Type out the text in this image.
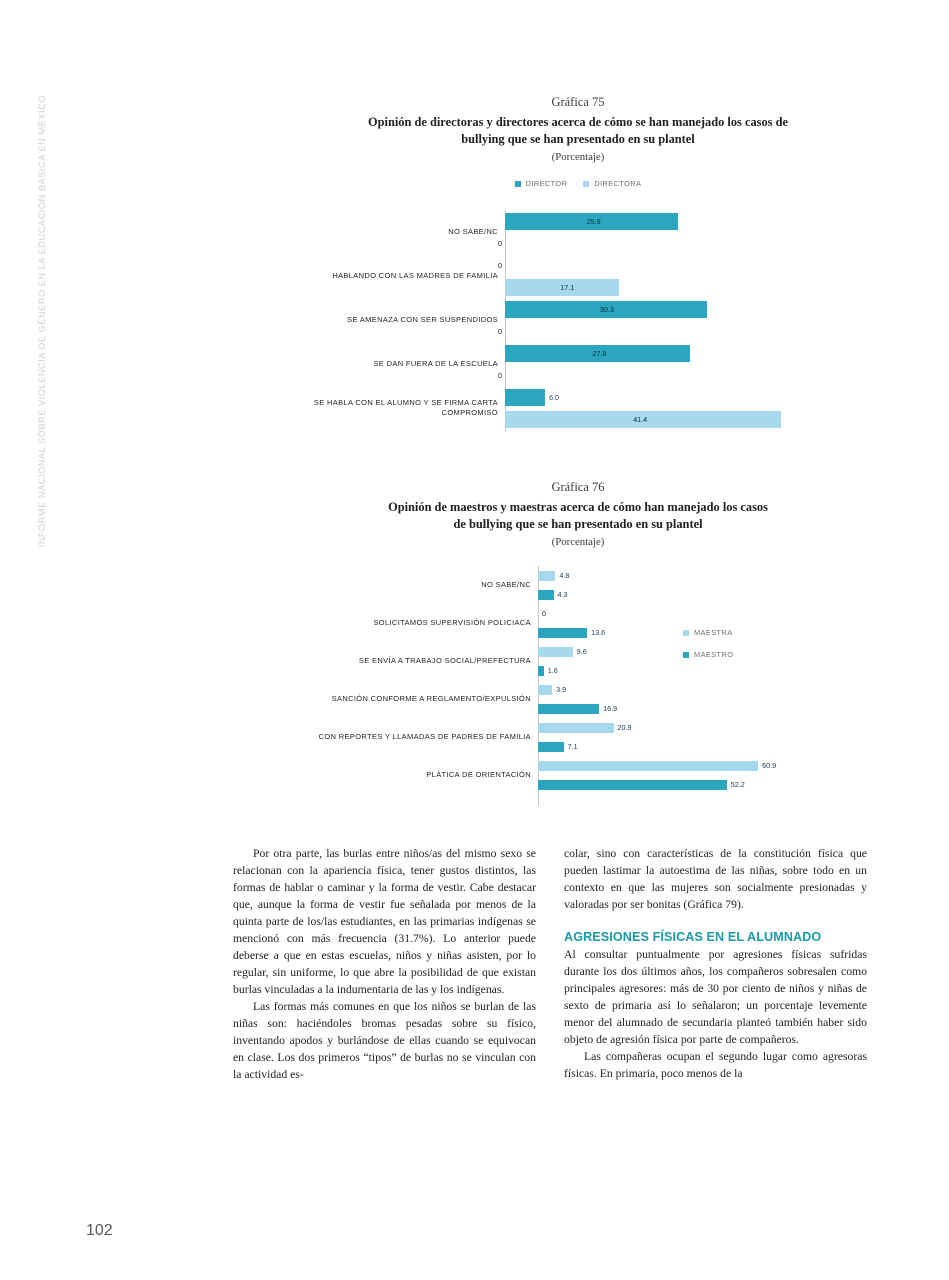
INFORME NACIONAL SOBRE VIOLENCIA DE GÉNERO EN LA EDUCACIÓN BÁSICA EN MÉXICO	Gráfica 75
Opinión de directoras y directores acerca de cómo se han manejado los casos de
bullying que se han presentado en su plantel
(Porcentaje)
DIRECTOR	DIRECTORA
NO SABE/NC
25.9
0
HABLANDO CON LAS MADRES DE FAMILIA
0
17.1
SE AMENAZA CON SER SUSPENDIDOS
30.3
0
SE DAN FUERA DE LA ESCUELA
27.8
0
SE HABLA CON EL ALUMNO Y SE FIRMA CARTA COMPROMISO
6.0
41.4
Gráfica 76
Opinión de maestros y maestras acerca de cómo han manejado los casos
de bullying que se han presentado en su plantel
(Porcentaje)
MAESTRA
MAESTRO
NO SABE/NC
4.8
4.3
SOLICITAMOS SUPERVISIÓN POLICIACA
0
13.6
SE ENVÍA A TRABAJO SOCIAL/PREFECTURA
9.6
1.6
SANCIÓN CONFORME A REGLAMENTO/EXPULSIÓN
3.9
16.9
CON REPORTES Y LLAMADAS DE PADRES DE FAMILIA
20.9
7.1
PLÁTICA DE ORIENTACIÓN
60.9
52.2

Por otra parte, las burlas entre niños/as del mismo sexo se relacionan con la apariencia física, tener gustos distintos, las formas de hablar o caminar y la forma de vestir. Cabe destacar que, aunque la forma de vestir fue señalada por menos de la quinta parte de los/las estudiantes, en las primarias indígenas se mencionó con más frecuencia (31.7%). Lo anterior puede deberse a que en estas escuelas, niños y niñas asisten, por lo regular, sin uniforme, lo que abre la posibilidad de que existan burlas vinculadas a la indumentaria de las y los indígenas.

Las formas más comunes en que los niños se burlan de las niñas son: haciéndoles bromas pesadas sobre su físico, inventando apodos y burlándose de ellas cuando se equivocan en clase. Los dos primeros “tipos” de burlas no se vinculan con la actividad es-

colar, sino con características de la constitución física que pueden lastimar la autoestima de las niñas, sobre todo en un contexto en que las mujeres son socialmente presionadas y valoradas por ser bonitas (Gráfica 79).

AGRESIONES FÍSICAS EN EL ALUMNADO

Al consultar puntualmente por agresiones físicas sufridas durante los dos últimos años, los compañeros sobresalen como principales agresores: más de 30 por ciento de niños y niñas de sexto de primaria así lo señalaron; un porcentaje levemente menor del alumnado de secundaria planteó también haber sido objeto de agresión física por parte de compañeros.

Las compañeras ocupan el segundo lugar como agresoras físicas. En primaria, poco menos de la

102
